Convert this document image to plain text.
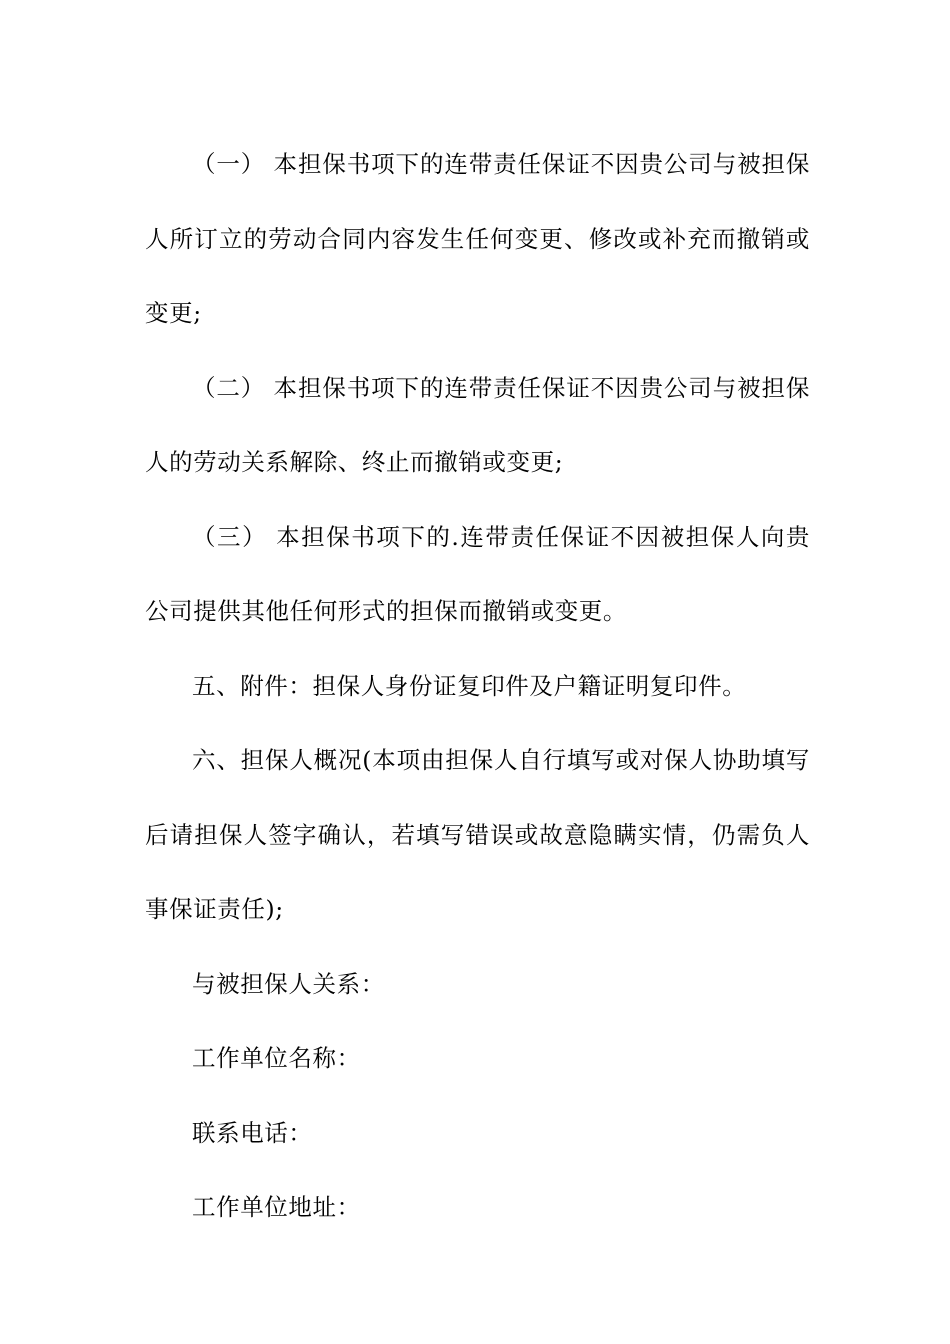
（一） 本担保书项下的连带责任保证不因贵公司与被担保人所订立的劳动合同内容发生任何变更、修改或补充而撤销或变更;

（二） 本担保书项下的连带责任保证不因贵公司与被担保人的劳动关系解除、终止而撤销或变更;

（三） 本担保书项下的.连带责任保证不因被担保人向贵公司提供其他任何形式的担保而撤销或变更。

五、附件：担保人身份证复印件及户籍证明复印件。

六、担保人概况(本项由担保人自行填写或对保人协助填写后请担保人签字确认，若填写错误或故意隐瞒实情，仍需负人事保证责任);

与被担保人关系：

工作单位名称：

联系电话：

工作单位地址：
